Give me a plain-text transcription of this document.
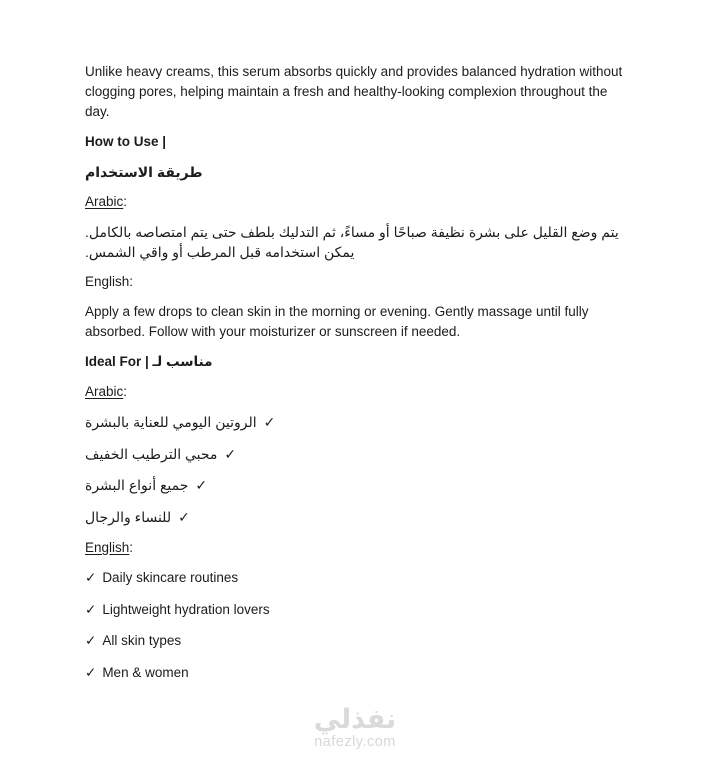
Unlike heavy creams, this serum absorbs quickly and provides balanced hydration without clogging pores, helping maintain a fresh and healthy-looking complexion throughout the day.

How to Use |

طريقة الاستخدام

Arabic:

يتم وضع القليل على بشرة نظيفة صباحًا أو مساءً، ثم التدليك بلطف حتى يتم امتصاصه بالكامل. يمكن استخدامه قبل المرطب أو واقي الشمس.

English:

Apply a few drops to clean skin in the morning or evening. Gently massage until fully absorbed. Follow with your moisturizer or sunscreen if needed.

Ideal For | مناسب لـ

Arabic:

✓الروتين اليومي للعناية بالبشرة

✓محبي الترطيب الخفيف

✓جميع أنواع البشرة

✓للنساء والرجال

English:

✓ Daily skincare routines

✓ Lightweight hydration lovers

✓ All skin types

✓ Men & women

نفذلي
nafezly.com
